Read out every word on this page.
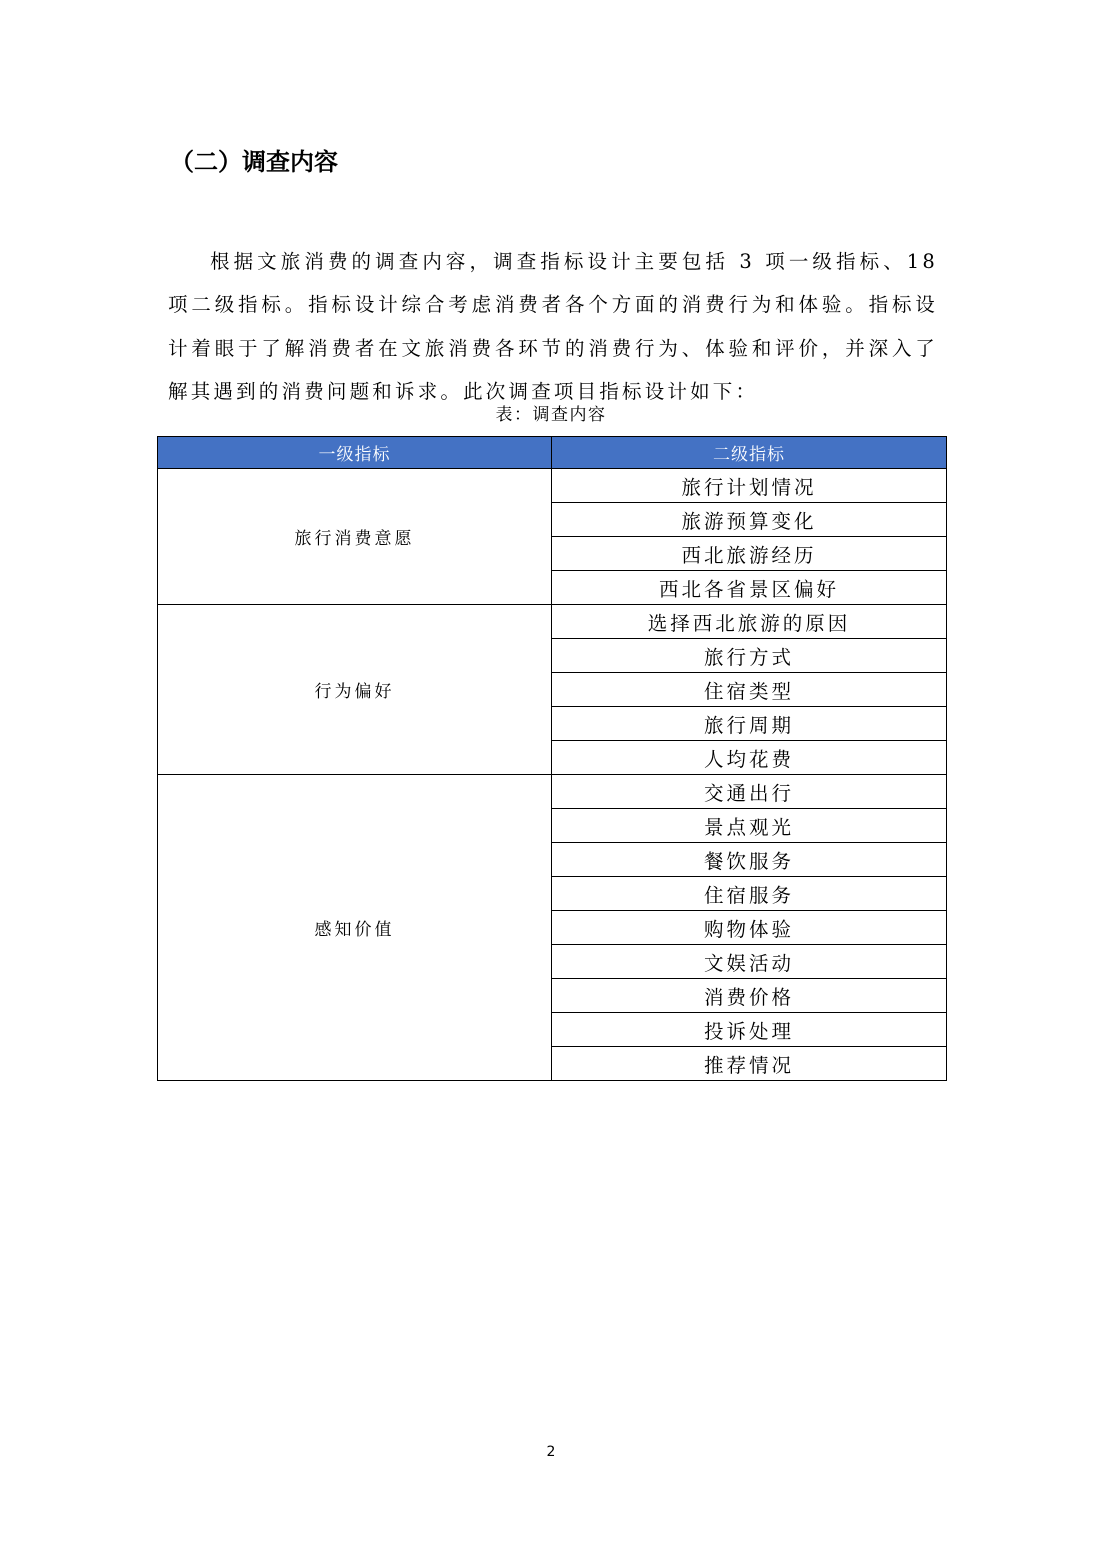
（二）调查内容

根据文旅消费的调查内容，调查指标设计主要包括 3 项一级指标、18 项二级指标。指标设计综合考虑消费者各个方面的消费行为和体验。指标设计着眼于了解消费者在文旅消费各环节的消费行为、体验和评价，并深入了解其遇到的消费问题和诉求。此次调查项目指标设计如下：

表：调查内容
一级指标	二级指标
旅行消费意愿	旅行计划情况
	旅游预算变化
	西北旅游经历
	西北各省景区偏好
行为偏好	选择西北旅游的原因
	旅行方式
	住宿类型
	旅行周期
	人均花费
感知价值	交通出行
	景点观光
	餐饮服务
	住宿服务
	购物体验
	文娱活动
	消费价格
	投诉处理
	推荐情况
2
